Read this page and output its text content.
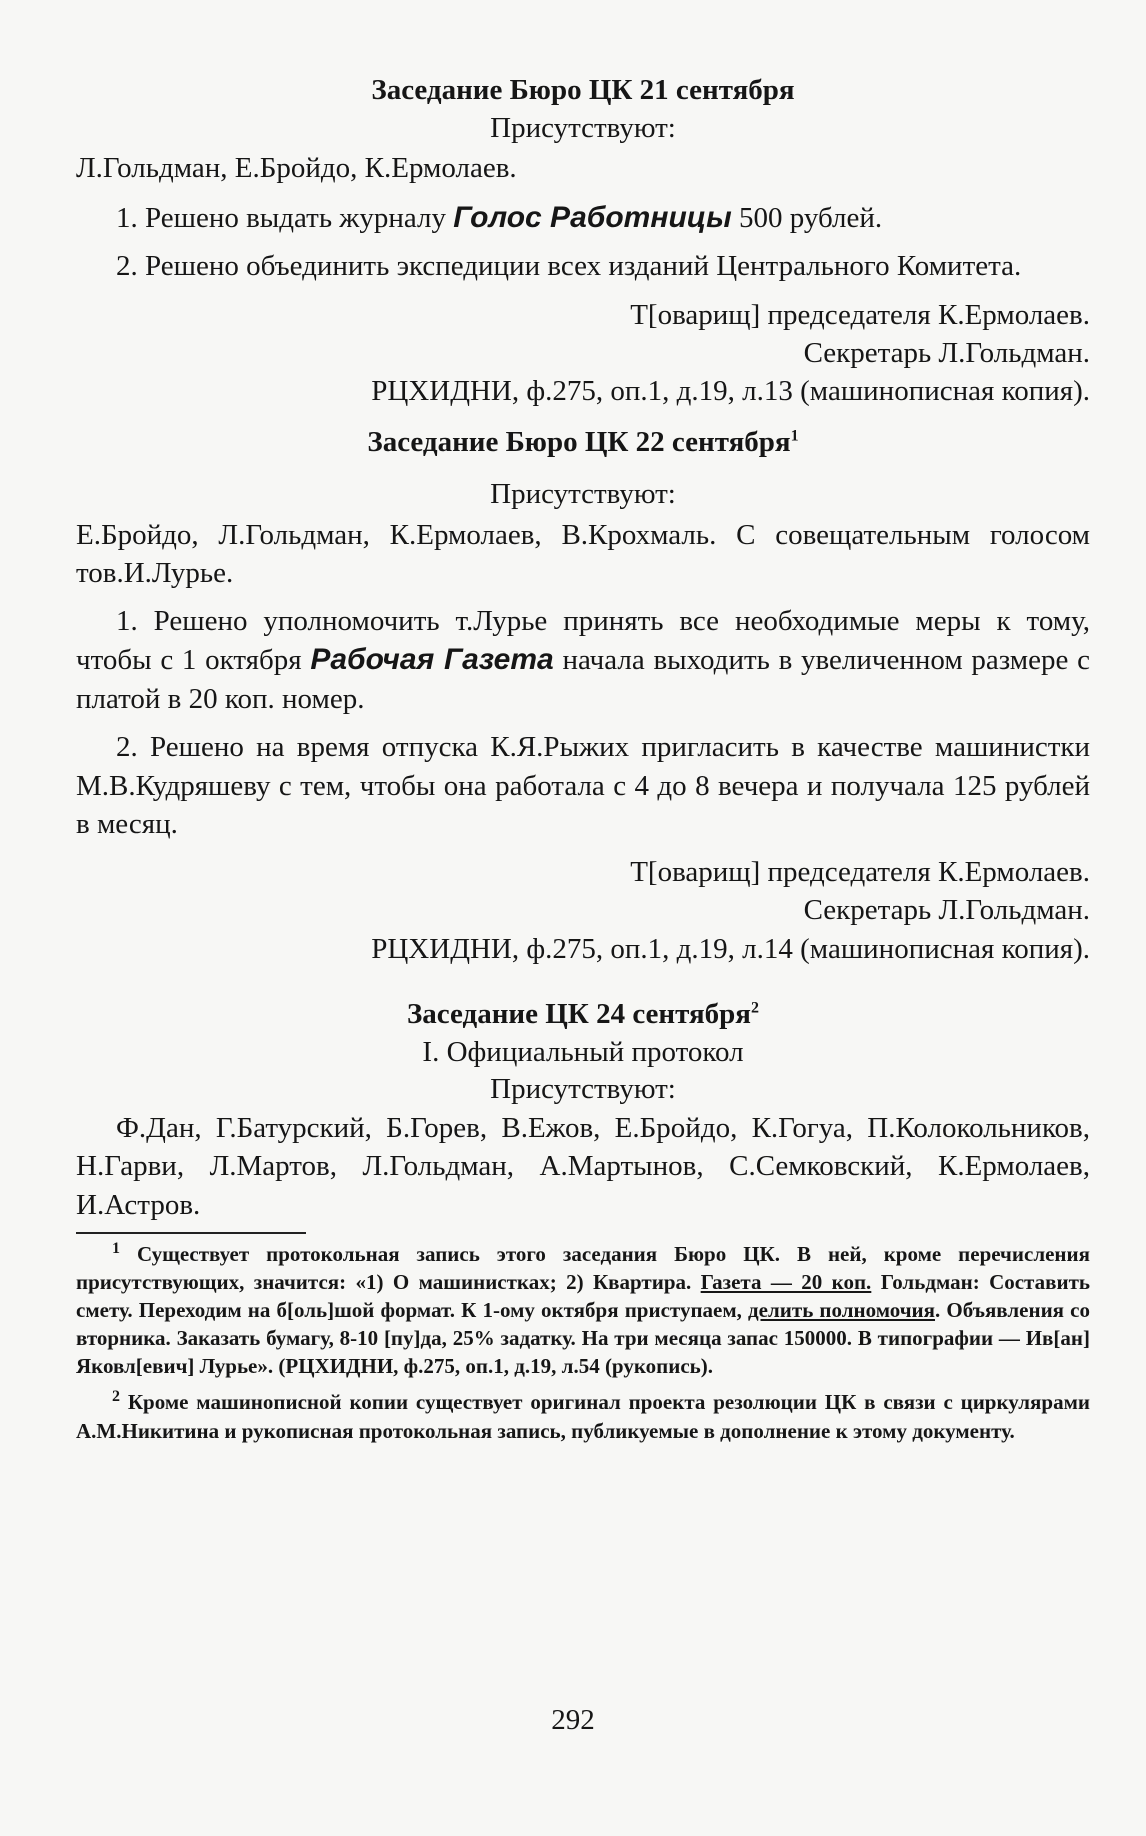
Заседание Бюро ЦК 21 сентября
Присутствуют:

Л.Гольдман, Е.Бройдо, К.Ермолаев.

1. Решено выдать журналу Голос Работницы 500 рублей.

2. Решено объединить экспедиции всех изданий Центрального Комитета.

Т[оварищ] председателя К.Ермолаев.

Секретарь Л.Гольдман.

РЦХИДНИ, ф.275, оп.1, д.19, л.13 (машинописная копия).

Заседание Бюро ЦК 22 сентября$^1$
Присутствуют:

Е.Бройдо, Л.Гольдман, К.Ермолаев, В.Крохмаль. С совещательным голосом тов.И.Лурье.

1. Решено уполномочить т.Лурье принять все необходимые меры к тому, чтобы с 1 октября Рабочая Газета начала выходить в увеличенном размере с платой в 20 коп. номер.

2. Решено на время отпуска К.Я.Рыжих пригласить в качестве машинистки М.В.Кудряшеву с тем, чтобы она работала с 4 до 8 вечера и получала 125 рублей в месяц.

Т[оварищ] председателя К.Ермолаев.

Секретарь Л.Гольдман.

РЦХИДНИ, ф.275, оп.1, д.19, л.14 (машинописная копия).

Заседание ЦК 24 сентября$^2$
I. Официальный протокол
Присутствуют:

Ф.Дан, Г.Батурский, Б.Горев, В.Ежов, Е.Бройдо, К.Гогуа, П.Колокольников, Н.Гарви, Л.Мартов, Л.Гольдман, А.Мартынов, С.Семковский, К.Ермолаев, И.Астров.

$^1$ Существует протокольная запись этого заседания Бюро ЦК. В ней, кроме перечисления присутствующих, значится: «1) О машинистках; 2) Квартира. Газета — 20 коп. Гольдман: Составить смету. Переходим на б[оль]шой формат. К 1-ому октября приступаем, делить полномочия. Объявления со вторника. Заказать бумагу, 8-10 [пу]да, 25% задатку. На три месяца запас 150000. В типографии — Ив[ан] Яковл[евич] Лурье». (РЦХИДНИ, ф.275, оп.1, д.19, л.54 (рукопись).

$^2$ Кроме машинописной копии существует оригинал проекта резолюции ЦК в связи с циркулярами А.М.Никитина и рукописная протокольная запись, публикуемые в дополнение к этому документу.

292
